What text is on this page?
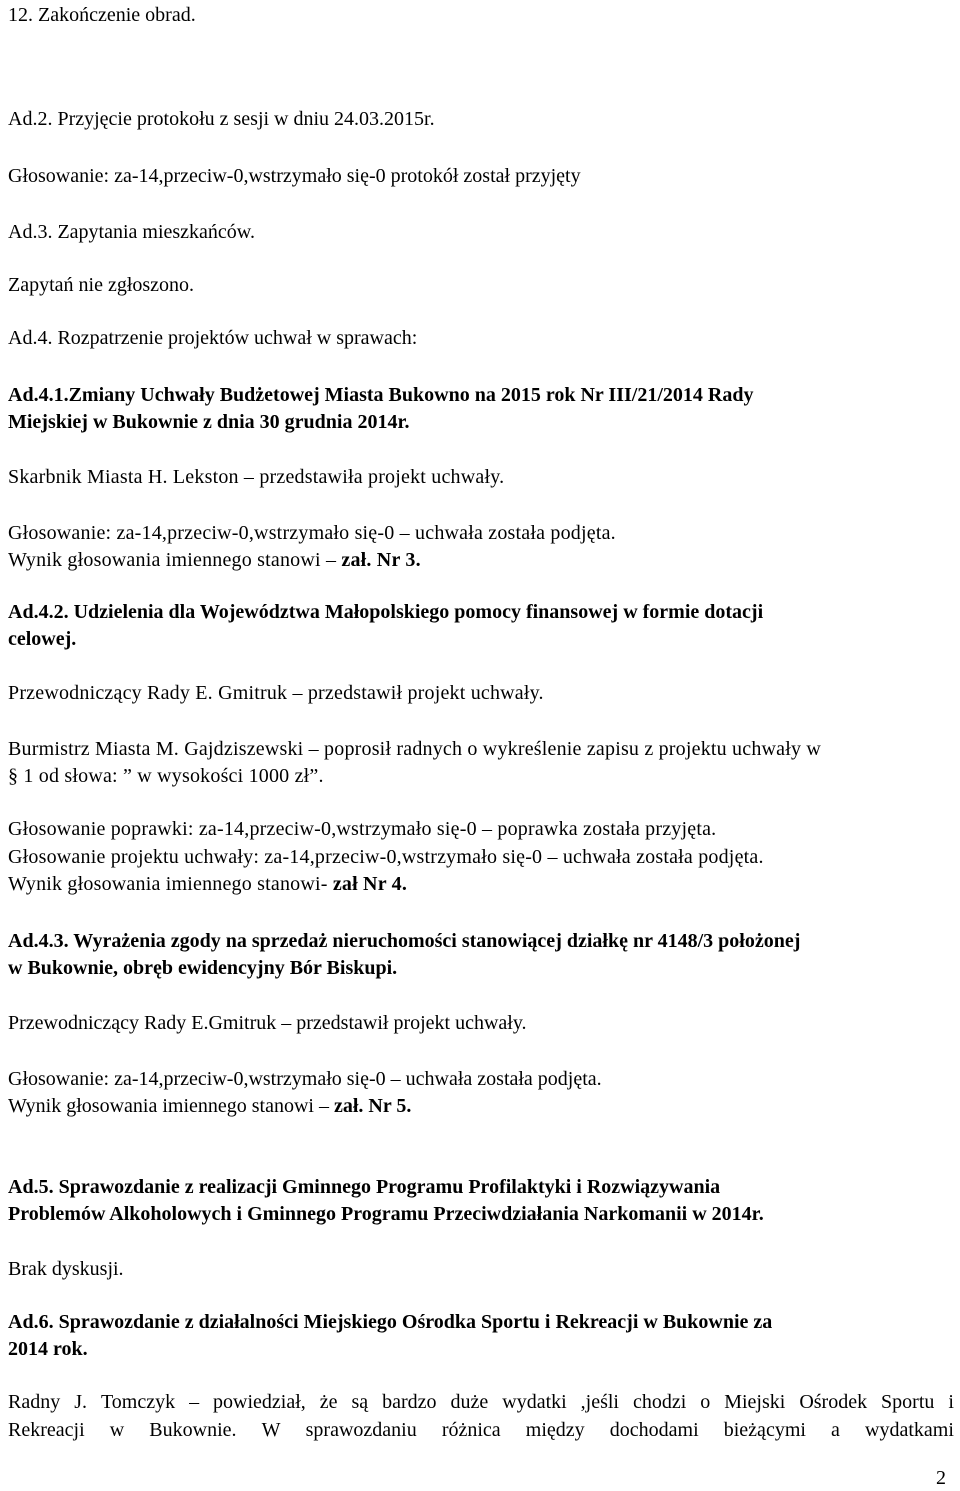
12. Zakończenie obrad.
Ad.2. Przyjęcie protokołu z sesji w dniu 24.03.2015r.
Głosowanie: za-14,przeciw-0,wstrzymało się-0 protokół został przyjęty
Ad.3. Zapytania mieszkańców.
Zapytań nie zgłoszono.
Ad.4. Rozpatrzenie projektów uchwał w sprawach:
Ad.4.1.Zmiany Uchwały Budżetowej Miasta Bukowno na 2015 rok Nr III/21/2014 Rady
Miejskiej w Bukownie z dnia 30 grudnia 2014r.
Skarbnik Miasta H. Lekston – przedstawiła projekt uchwały.
Głosowanie: za-14,przeciw-0,wstrzymało się-0 – uchwała została podjęta.
Wynik głosowania imiennego stanowi – zał. Nr 3.
Ad.4.2. Udzielenia dla Województwa Małopolskiego pomocy finansowej w formie dotacji
celowej.
Przewodniczący Rady E. Gmitruk – przedstawił projekt uchwały.
Burmistrz Miasta M. Gajdziszewski – poprosił radnych o wykreślenie zapisu z projektu uchwały w
§ 1 od słowa: ” w wysokości 1000 zł”.
Głosowanie poprawki: za-14,przeciw-0,wstrzymało się-0 – poprawka została przyjęta.
Głosowanie projektu uchwały: za-14,przeciw-0,wstrzymało się-0 – uchwała została podjęta.
Wynik głosowania imiennego stanowi- zał Nr 4.
Ad.4.3. Wyrażenia zgody na sprzedaż nieruchomości stanowiącej działkę nr 4148/3 położonej
w Bukownie, obręb ewidencyjny Bór Biskupi.
Przewodniczący Rady E.Gmitruk – przedstawił projekt uchwały.
Głosowanie: za-14,przeciw-0,wstrzymało się-0 – uchwała została podjęta.
Wynik głosowania imiennego stanowi – zał. Nr 5.
Ad.5. Sprawozdanie z realizacji Gminnego Programu Profilaktyki i Rozwiązywania
Problemów Alkoholowych i Gminnego Programu Przeciwdziałania Narkomanii w 2014r.
Brak dyskusji.
Ad.6. Sprawozdanie z działalności Miejskiego Ośrodka Sportu i Rekreacji w Bukownie za
2014 rok.
Radny J. Tomczyk – powiedział, że są bardzo duże wydatki ,jeśli chodzi o Miejski Ośrodek Sportu i
Rekreacji w Bukownie. W sprawozdaniu różnica między dochodami bieżącymi a wydatkami
2
